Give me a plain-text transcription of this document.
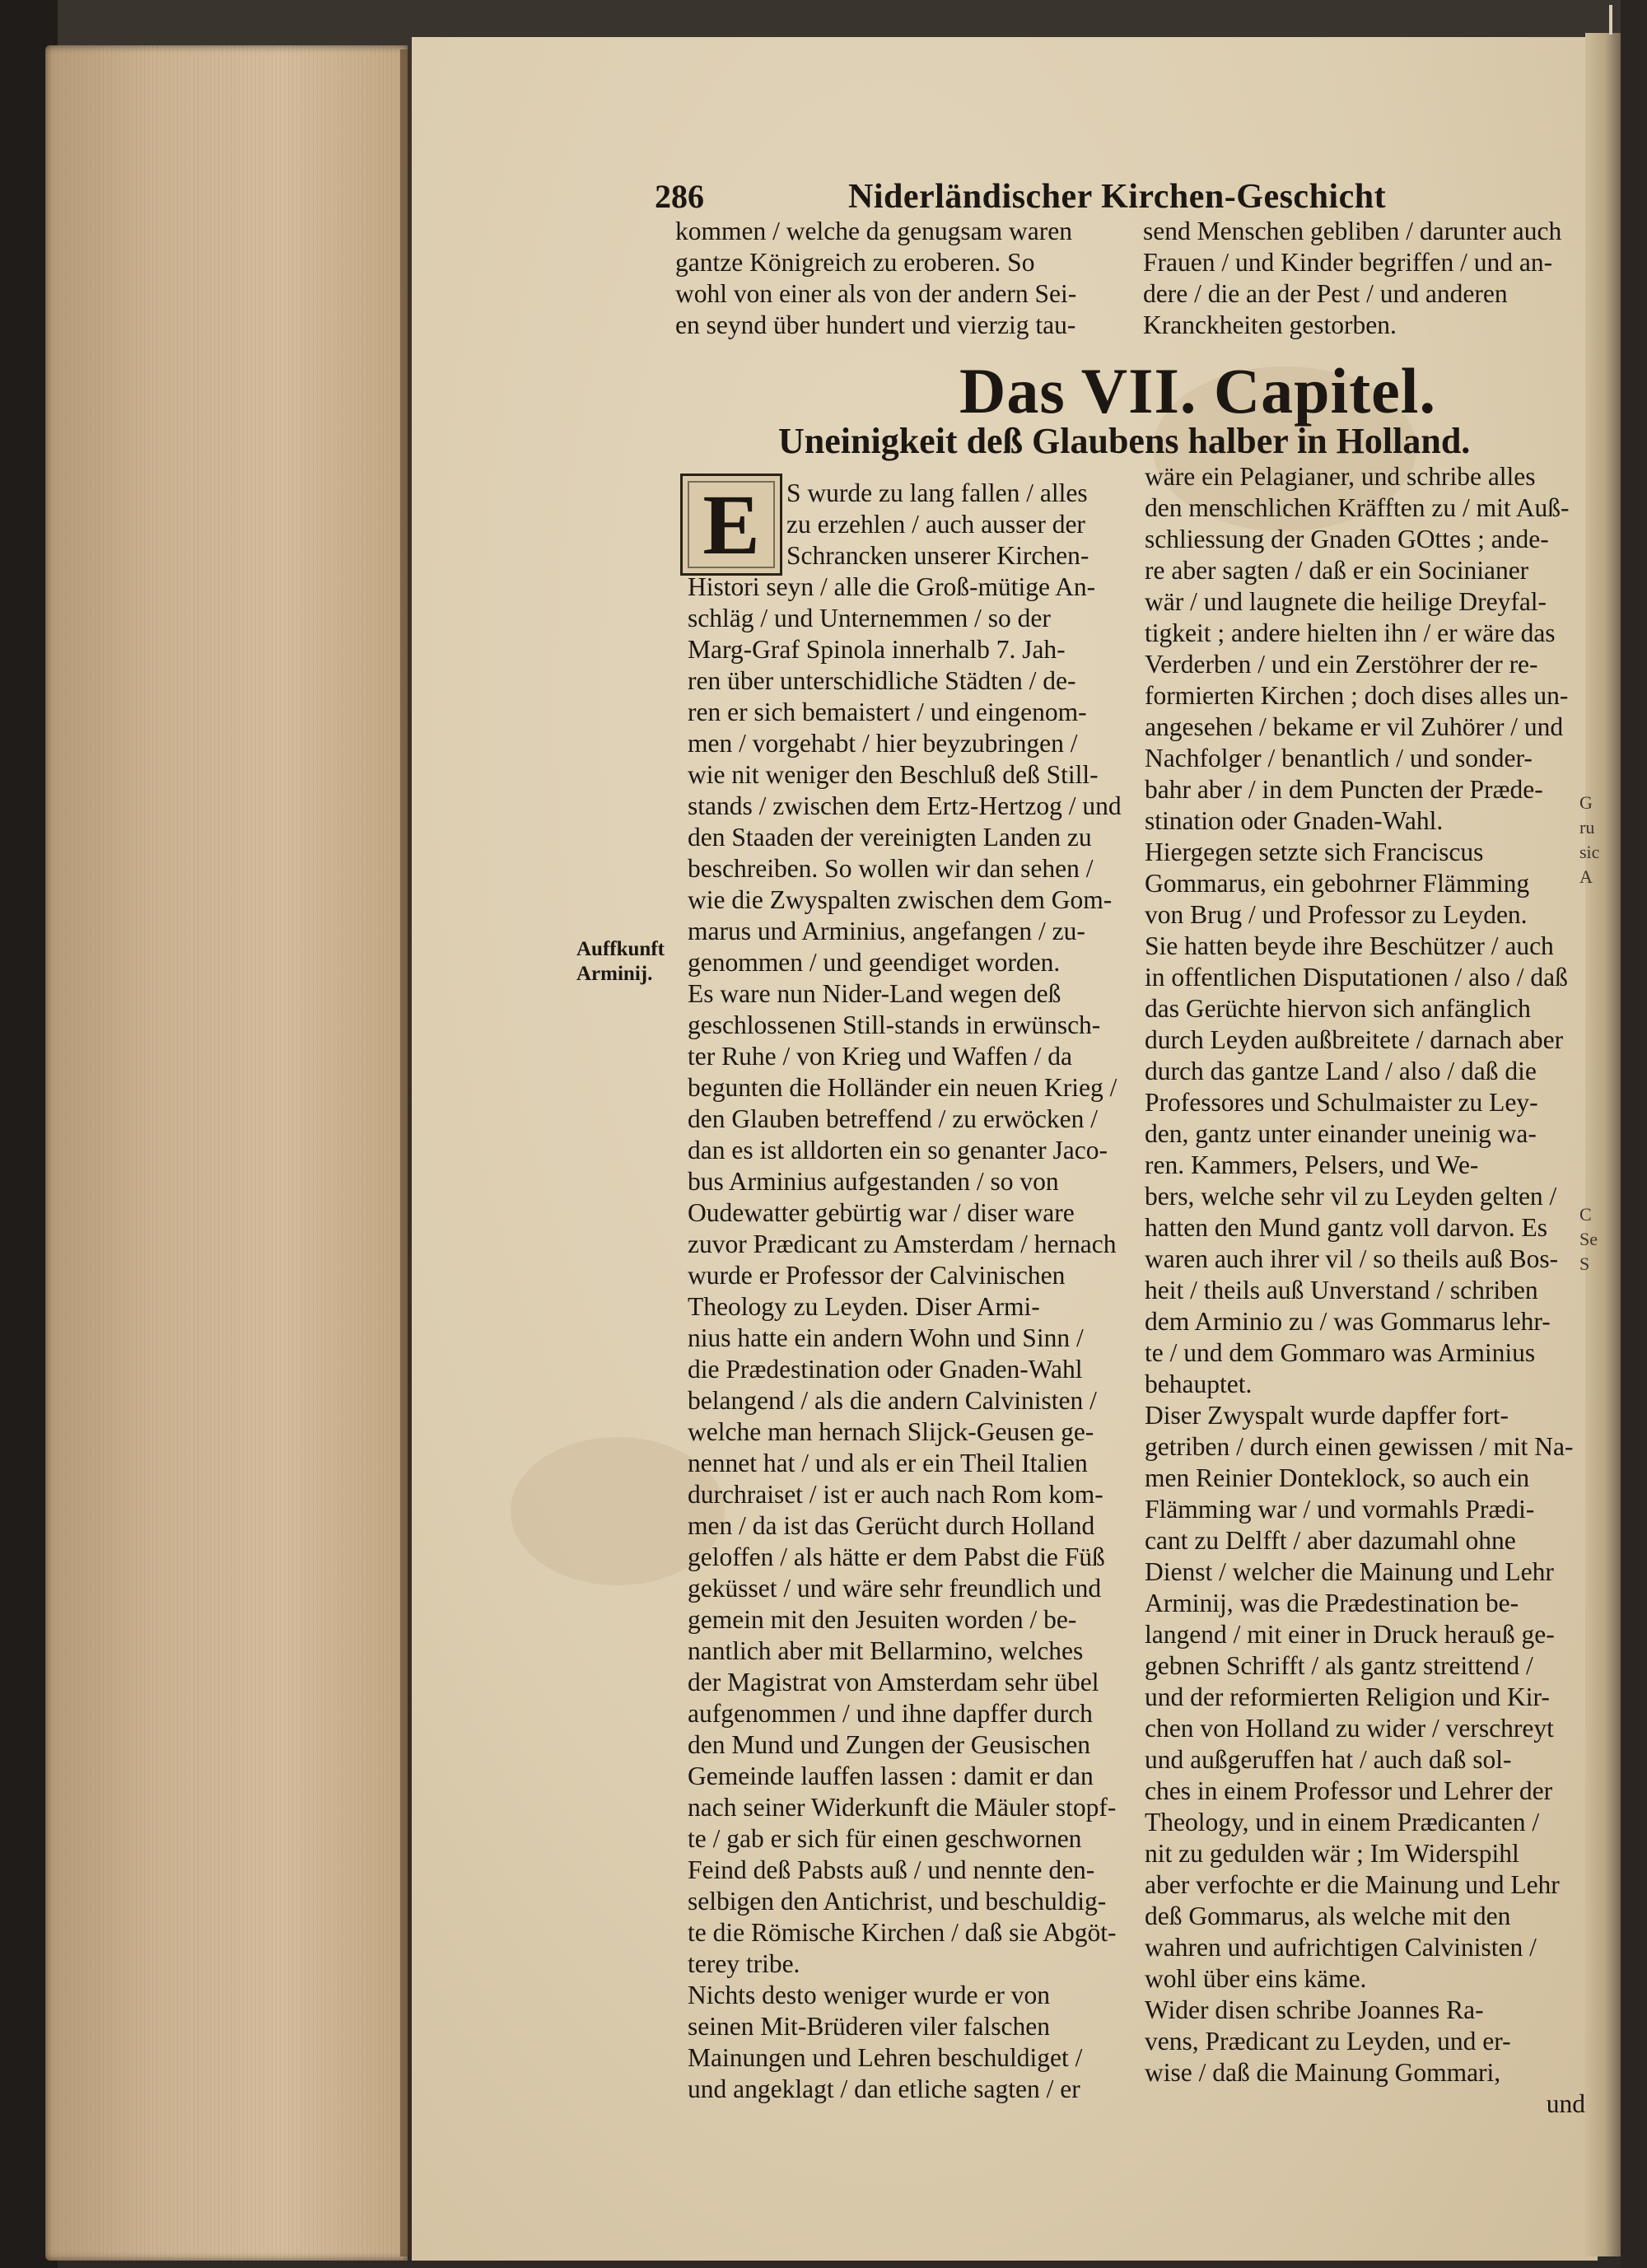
G
ru
sic
A
C
Se
S
286	Niderländischer Kirchen-Geschicht
kommen / welche da genugsam waren
gantze Königreich zu eroberen. So
wohl von einer als von der andern Sei-
en seynd über hundert und vierzig tau-
send Menschen gebliben / darunter auch
Frauen / und Kinder begriffen / und an-
dere / die an der Pest / und anderen
Kranckheiten gestorben.
Das VII. Capitel.
Uneinigkeit deß Glaubens halber in Holland.
E
Auffkunft
Arminij.
S wurde zu lang fallen / alles
zu erzehlen / auch ausser der
Schrancken unserer Kirchen-
Histori seyn / alle die Groß-mütige An-
schläg / und Unternemmen / so der
Marg-Graf Spinola innerhalb 7. Jah-
ren über unterschidliche Städten / de-
ren er sich bemaistert / und eingenom-
men / vorgehabt / hier beyzubringen /
wie nit weniger den Beschluß deß Still-
stands / zwischen dem Ertz-Hertzog / und
den Staaden der vereinigten Landen zu
beschreiben. So wollen wir dan sehen /
wie die Zwyspalten zwischen dem Gom-
marus und Arminius, angefangen / zu-
genommen / und geendiget worden.
Es ware nun Nider-Land wegen deß
geschlossenen Still-stands in erwünsch-
ter Ruhe / von Krieg und Waffen / da
begunten die Holländer ein neuen Krieg /
den Glauben betreffend / zu erwöcken /
dan es ist alldorten ein so genanter Jaco-
bus Arminius aufgestanden / so von
Oudewatter gebürtig war / diser ware
zuvor Prædicant zu Amsterdam / hernach
wurde er Professor der Calvinischen
Theology zu Leyden. Diser Armi-
nius hatte ein andern Wohn und Sinn /
die Prædestination oder Gnaden-Wahl
belangend / als die andern Calvinisten /
welche man hernach Slijck-Geusen ge-
nennet hat / und als er ein Theil Italien
durchraiset / ist er auch nach Rom kom-
men / da ist das Gerücht durch Holland
geloffen / als hätte er dem Pabst die Füß
geküsset / und wäre sehr freundlich und
gemein mit den Jesuiten worden / be-
nantlich aber mit Bellarmino, welches
der Magistrat von Amsterdam sehr übel
aufgenommen / und ihne dapffer durch
den Mund und Zungen der Geusischen
Gemeinde lauffen lassen : damit er dan
nach seiner Widerkunft die Mäuler stopf-
te / gab er sich für einen geschwornen
Feind deß Pabsts auß / und nennte den-
selbigen den Antichrist, und beschuldig-
te die Römische Kirchen / daß sie Abgöt-
terey tribe.
Nichts desto weniger wurde er von
seinen Mit-Brüderen viler falschen
Mainungen und Lehren beschuldiget /
und angeklagt / dan etliche sagten / er
wäre ein Pelagianer, und schribe alles
den menschlichen Kräfften zu / mit Auß-
schliessung der Gnaden GOttes ; ande-
re aber sagten / daß er ein Socinianer
wär / und laugnete die heilige Dreyfal-
tigkeit ; andere hielten ihn / er wäre das
Verderben / und ein Zerstöhrer der re-
formierten Kirchen ; doch dises alles un-
angesehen / bekame er vil Zuhörer / und
Nachfolger / benantlich / und sonder-
bahr aber / in dem Puncten der Præde-
stination oder Gnaden-Wahl.
Hiergegen setzte sich Franciscus
Gommarus, ein gebohrner Flämming
von Brug / und Professor zu Leyden.
Sie hatten beyde ihre Beschützer / auch
in offentlichen Disputationen / also / daß
das Gerüchte hiervon sich anfänglich
durch Leyden außbreitete / darnach aber
durch das gantze Land / also / daß die
Professores und Schulmaister zu Ley-
den, gantz unter einander uneinig wa-
ren. Kammers, Pelsers, und We-
bers, welche sehr vil zu Leyden gelten /
hatten den Mund gantz voll darvon. Es
waren auch ihrer vil / so theils auß Bos-
heit / theils auß Unverstand / schriben
dem Arminio zu / was Gommarus lehr-
te / und dem Gommaro was Arminius
behauptet.
Diser Zwyspalt wurde dapffer fort-
getriben / durch einen gewissen / mit Na-
men Reinier Donteklock, so auch ein
Flämming war / und vormahls Prædi-
cant zu Delfft / aber dazumahl ohne
Dienst / welcher die Mainung und Lehr
Arminij, was die Prædestination be-
langend / mit einer in Druck herauß ge-
gebnen Schrifft / als gantz streittend /
und der reformierten Religion und Kir-
chen von Holland zu wider / verschreyt
und außgeruffen hat / auch daß sol-
ches in einem Professor und Lehrer der
Theology, und in einem Prædicanten /
nit zu gedulden wär ; Im Widerspihl
aber verfochte er die Mainung und Lehr
deß Gommarus, als welche mit den
wahren und aufrichtigen Calvinisten /
wohl über eins käme.
Wider disen schribe Joannes Ra-
vens, Prædicant zu Leyden, und er-
wise / daß die Mainung Gommari,
und
